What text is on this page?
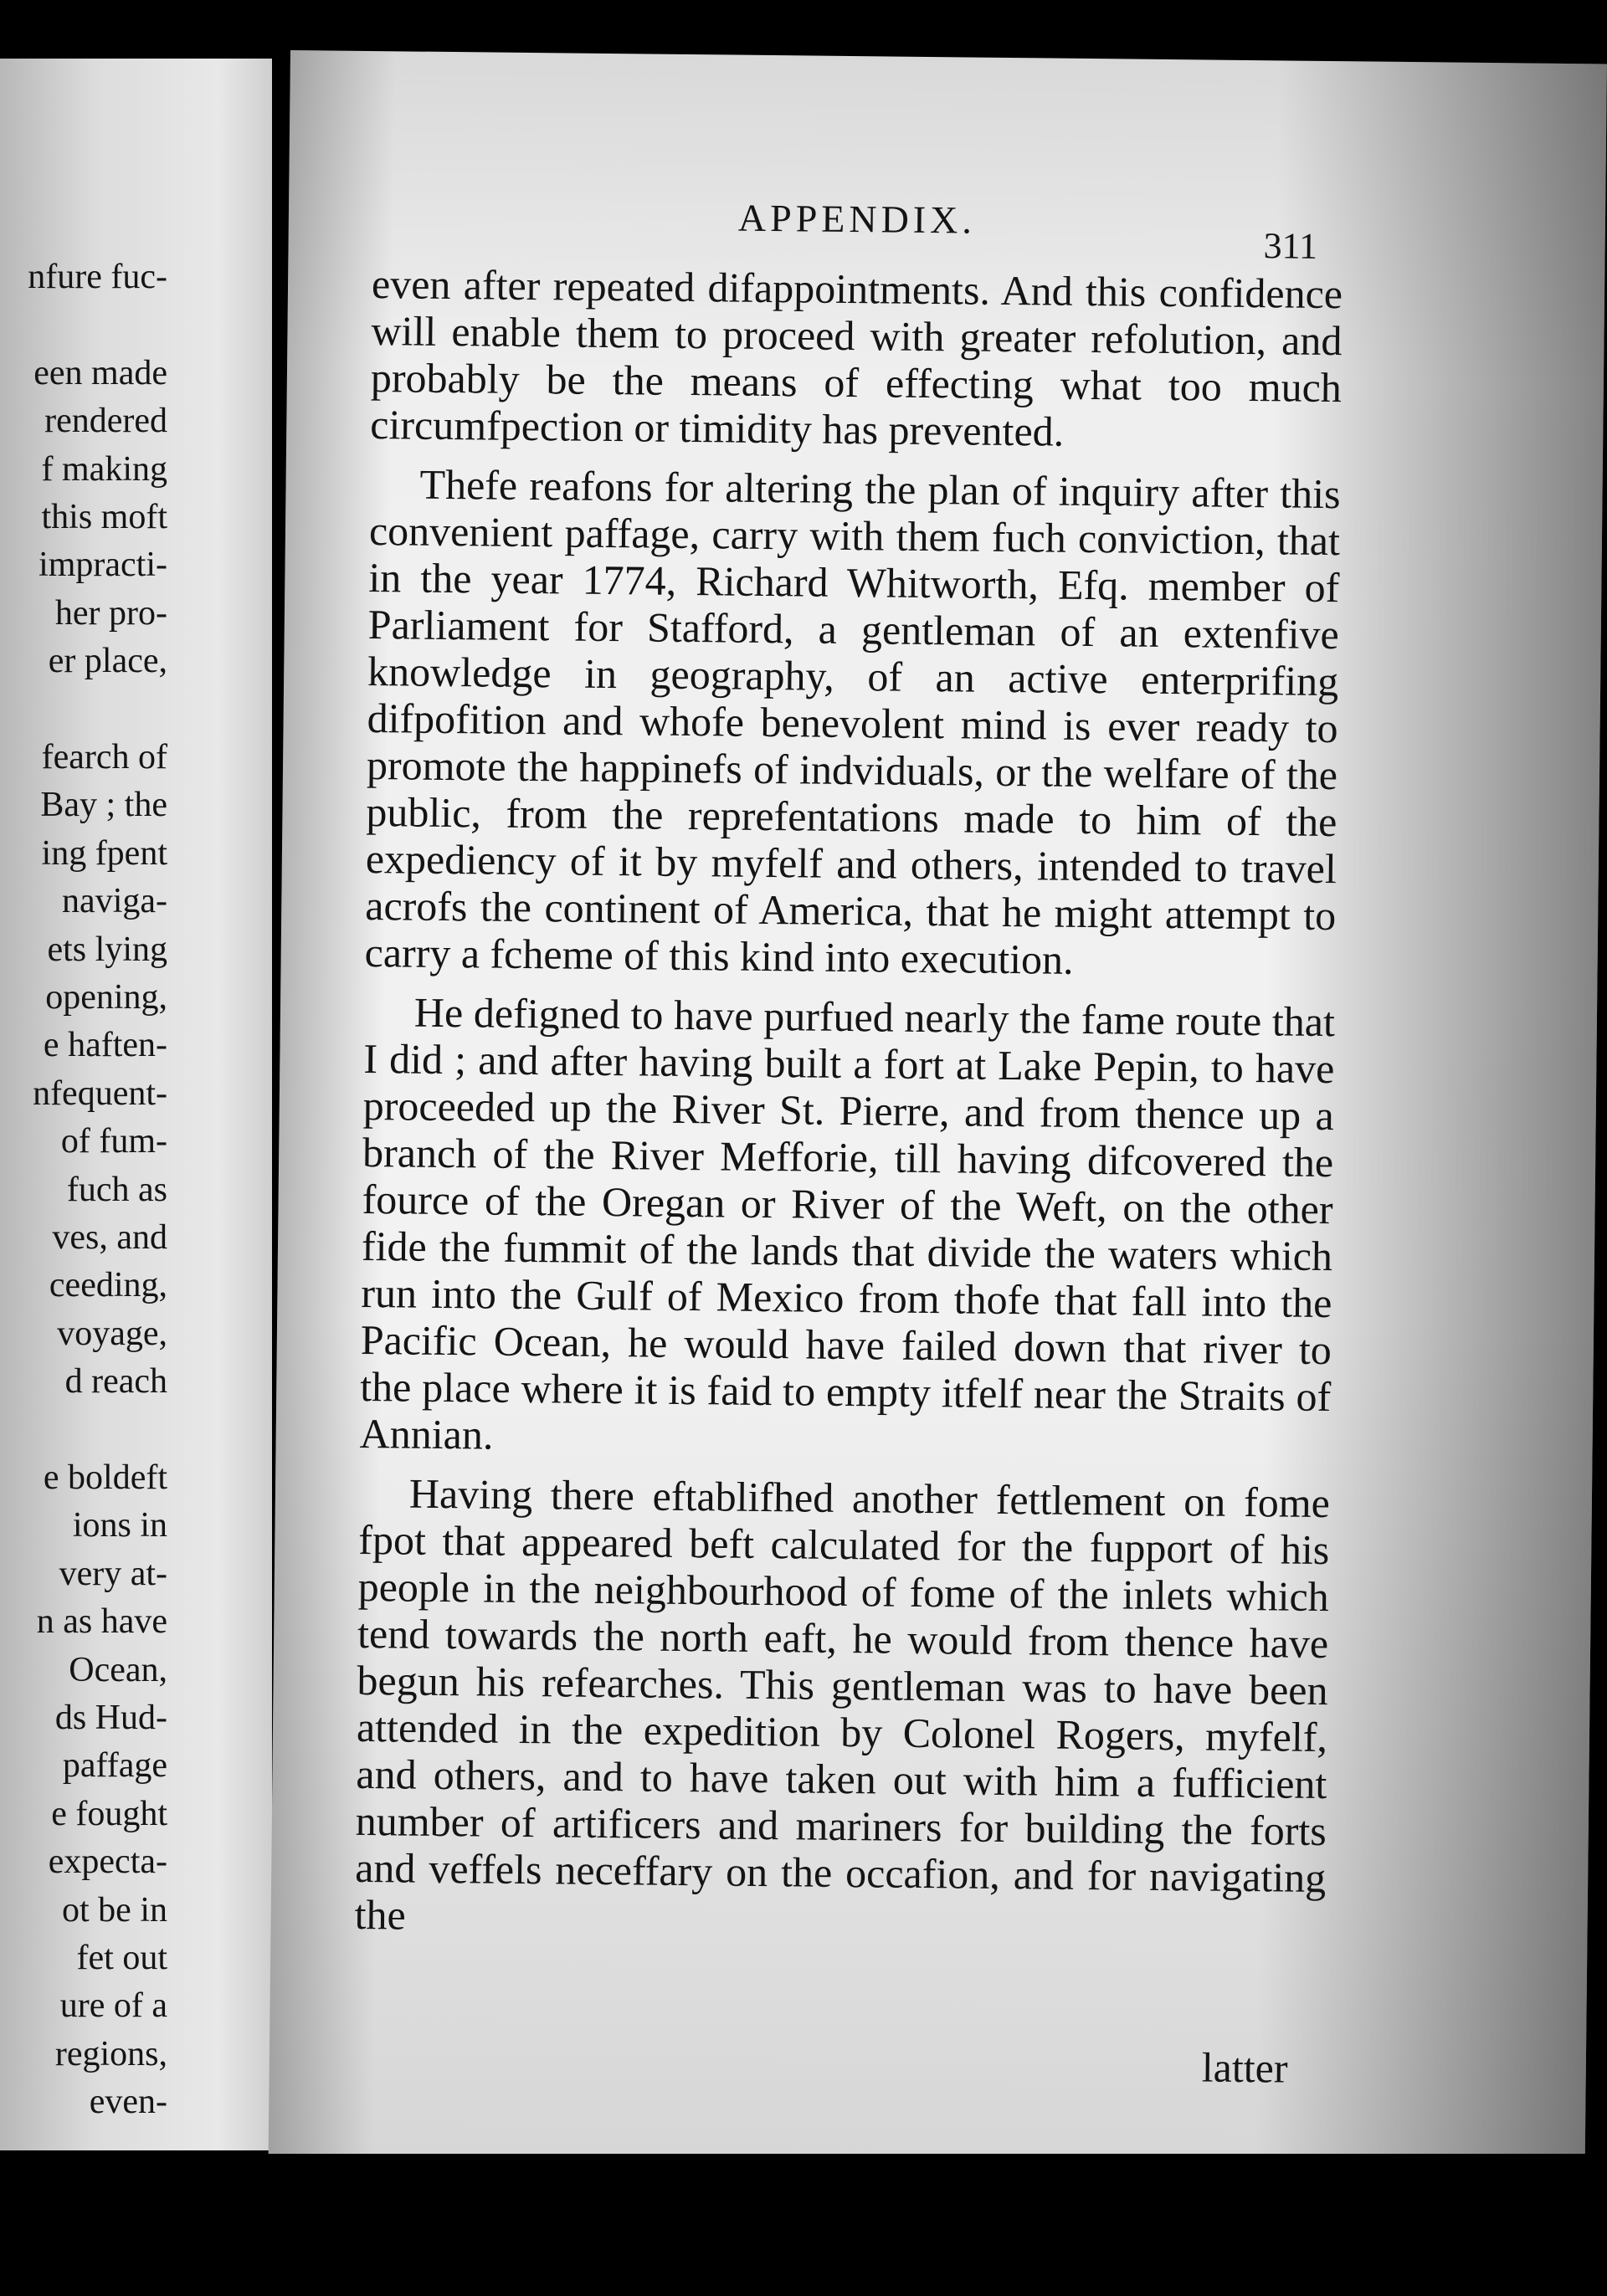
nfure fuc-
een made
rendered
f making
this moft
impracti-
her pro-
er place,
fearch of
Bay ; the
ing fpent
naviga-
ets lying
opening,
e haften-
nfequent-
of fum-
fuch as
ves, and
ceeding,
voyage,
d reach
e boldeft
ions in
very at-
n as have
Ocean,
ds Hud-
paffage
e fought
expecta-
ot be in
fet out
ure of a
regions,
even-
APPENDIX.
311

even after repeated difappointments. And this confidence will enable them to proceed with greater refolution, and probably be the means of effecting what too much circumfpection or timidity has prevented.

Thefe reafons for altering the plan of inquiry after this convenient paffage, carry with them fuch conviction, that in the year 1774, Richard Whitworth, Efq. member of Parliament for Stafford, a gentleman of an extenfive knowledge in geography, of an active enterprifing difpofition and whofe benevolent mind is ever ready to promote the happinefs of indviduals, or the welfare of the public, from the reprefentations made to him of the expediency of it by myfelf and others, intended to travel acrofs the continent of America, that he might attempt to carry a fcheme of this kind into execution.

He defigned to have purfued nearly the fame route that I did ; and after having built a fort at Lake Pepin, to have proceeded up the River St. Pierre, and from thence up a branch of the River Mefforie, till having difcovered the fource of the Oregan or River of the Weft, on the other fide the fummit of the lands that divide the waters which run into the Gulf of Mexico from thofe that fall into the Pacific Ocean, he would have failed down that river to the place where it is faid to empty itfelf near the Straits of Annian.

Having there eftablifhed another fettlement on fome fpot that appeared beft calculated for the fupport of his people in the neighbourhood of fome of the inlets which tend towards the north eaft, he would from thence have begun his refearches. This gentleman was to have been attended in the expedition by Colonel Rogers, myfelf, and others, and to have taken out with him a fufficient number of artificers and mariners for building the forts and veffels neceffary on the occafion, and for navigating the

latter
